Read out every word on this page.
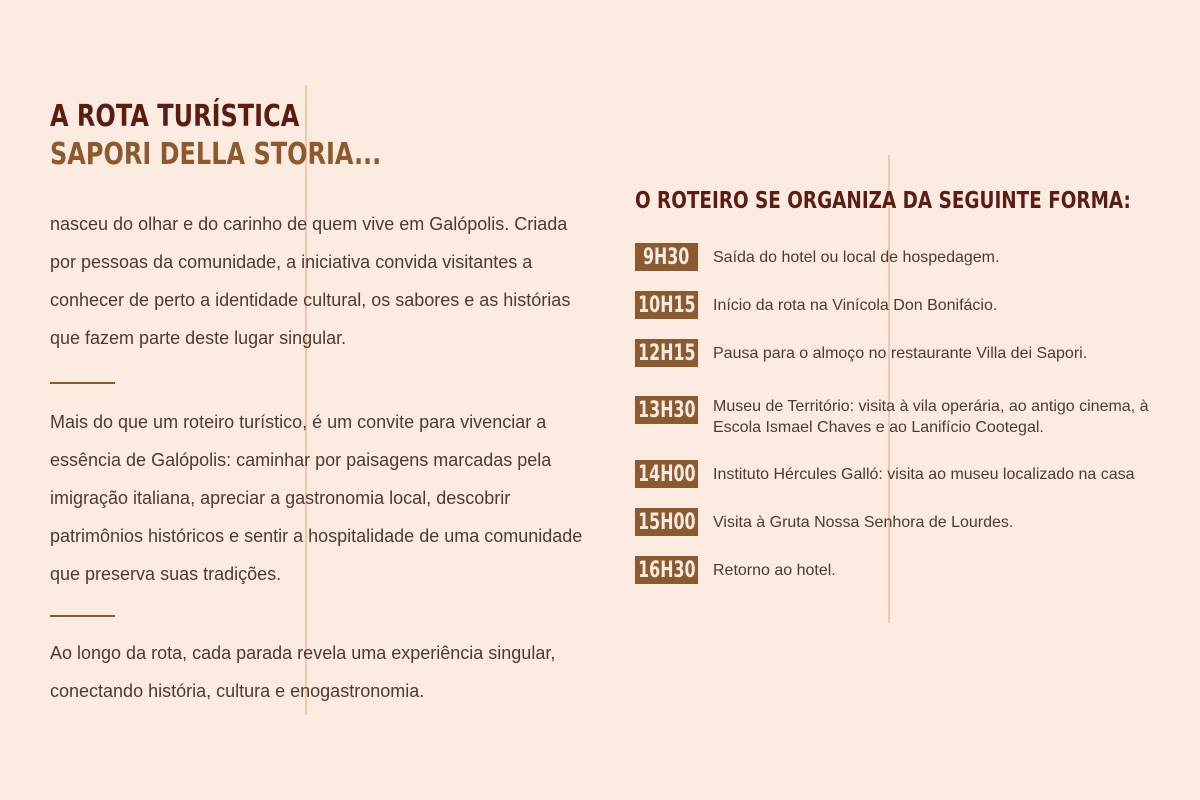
A ROTA TURÍSTICA
SAPORI DELLA STORIA...
nasceu do olhar e do carinho de quem vive em Galópolis. Criada por pessoas da comunidade, a iniciativa convida visitantes a conhecer de perto a identidade cultural, os sabores e as histórias que fazem parte deste lugar singular.
Mais do que um roteiro turístico, é um convite para vivenciar a essência de Galópolis: caminhar por paisagens marcadas pela imigração italiana, apreciar a gastronomia local, descobrir patrimônios históricos e sentir a hospitalidade de uma comunidade que preserva suas tradições.
Ao longo da rota, cada parada revela uma experiência singular, conectando história, cultura e enogastronomia.
O ROTEIRO SE ORGANIZA DA SEGUINTE FORMA:
9H30 Saída do hotel ou local de hospedagem.
10H15 Início da rota na Vinícola Don Bonifácio.
12H15 Pausa para o almoço no restaurante Villa dei Sapori.
13H30 Museu de Território: visita à vila operária, ao antigo cinema, à Escola Ismael Chaves e ao Lanifício Cootegal.
14H00 Instituto Hércules Galló: visita ao museu localizado na casa
15H00 Visita à Gruta Nossa Senhora de Lourdes.
16H30 Retorno ao hotel.
